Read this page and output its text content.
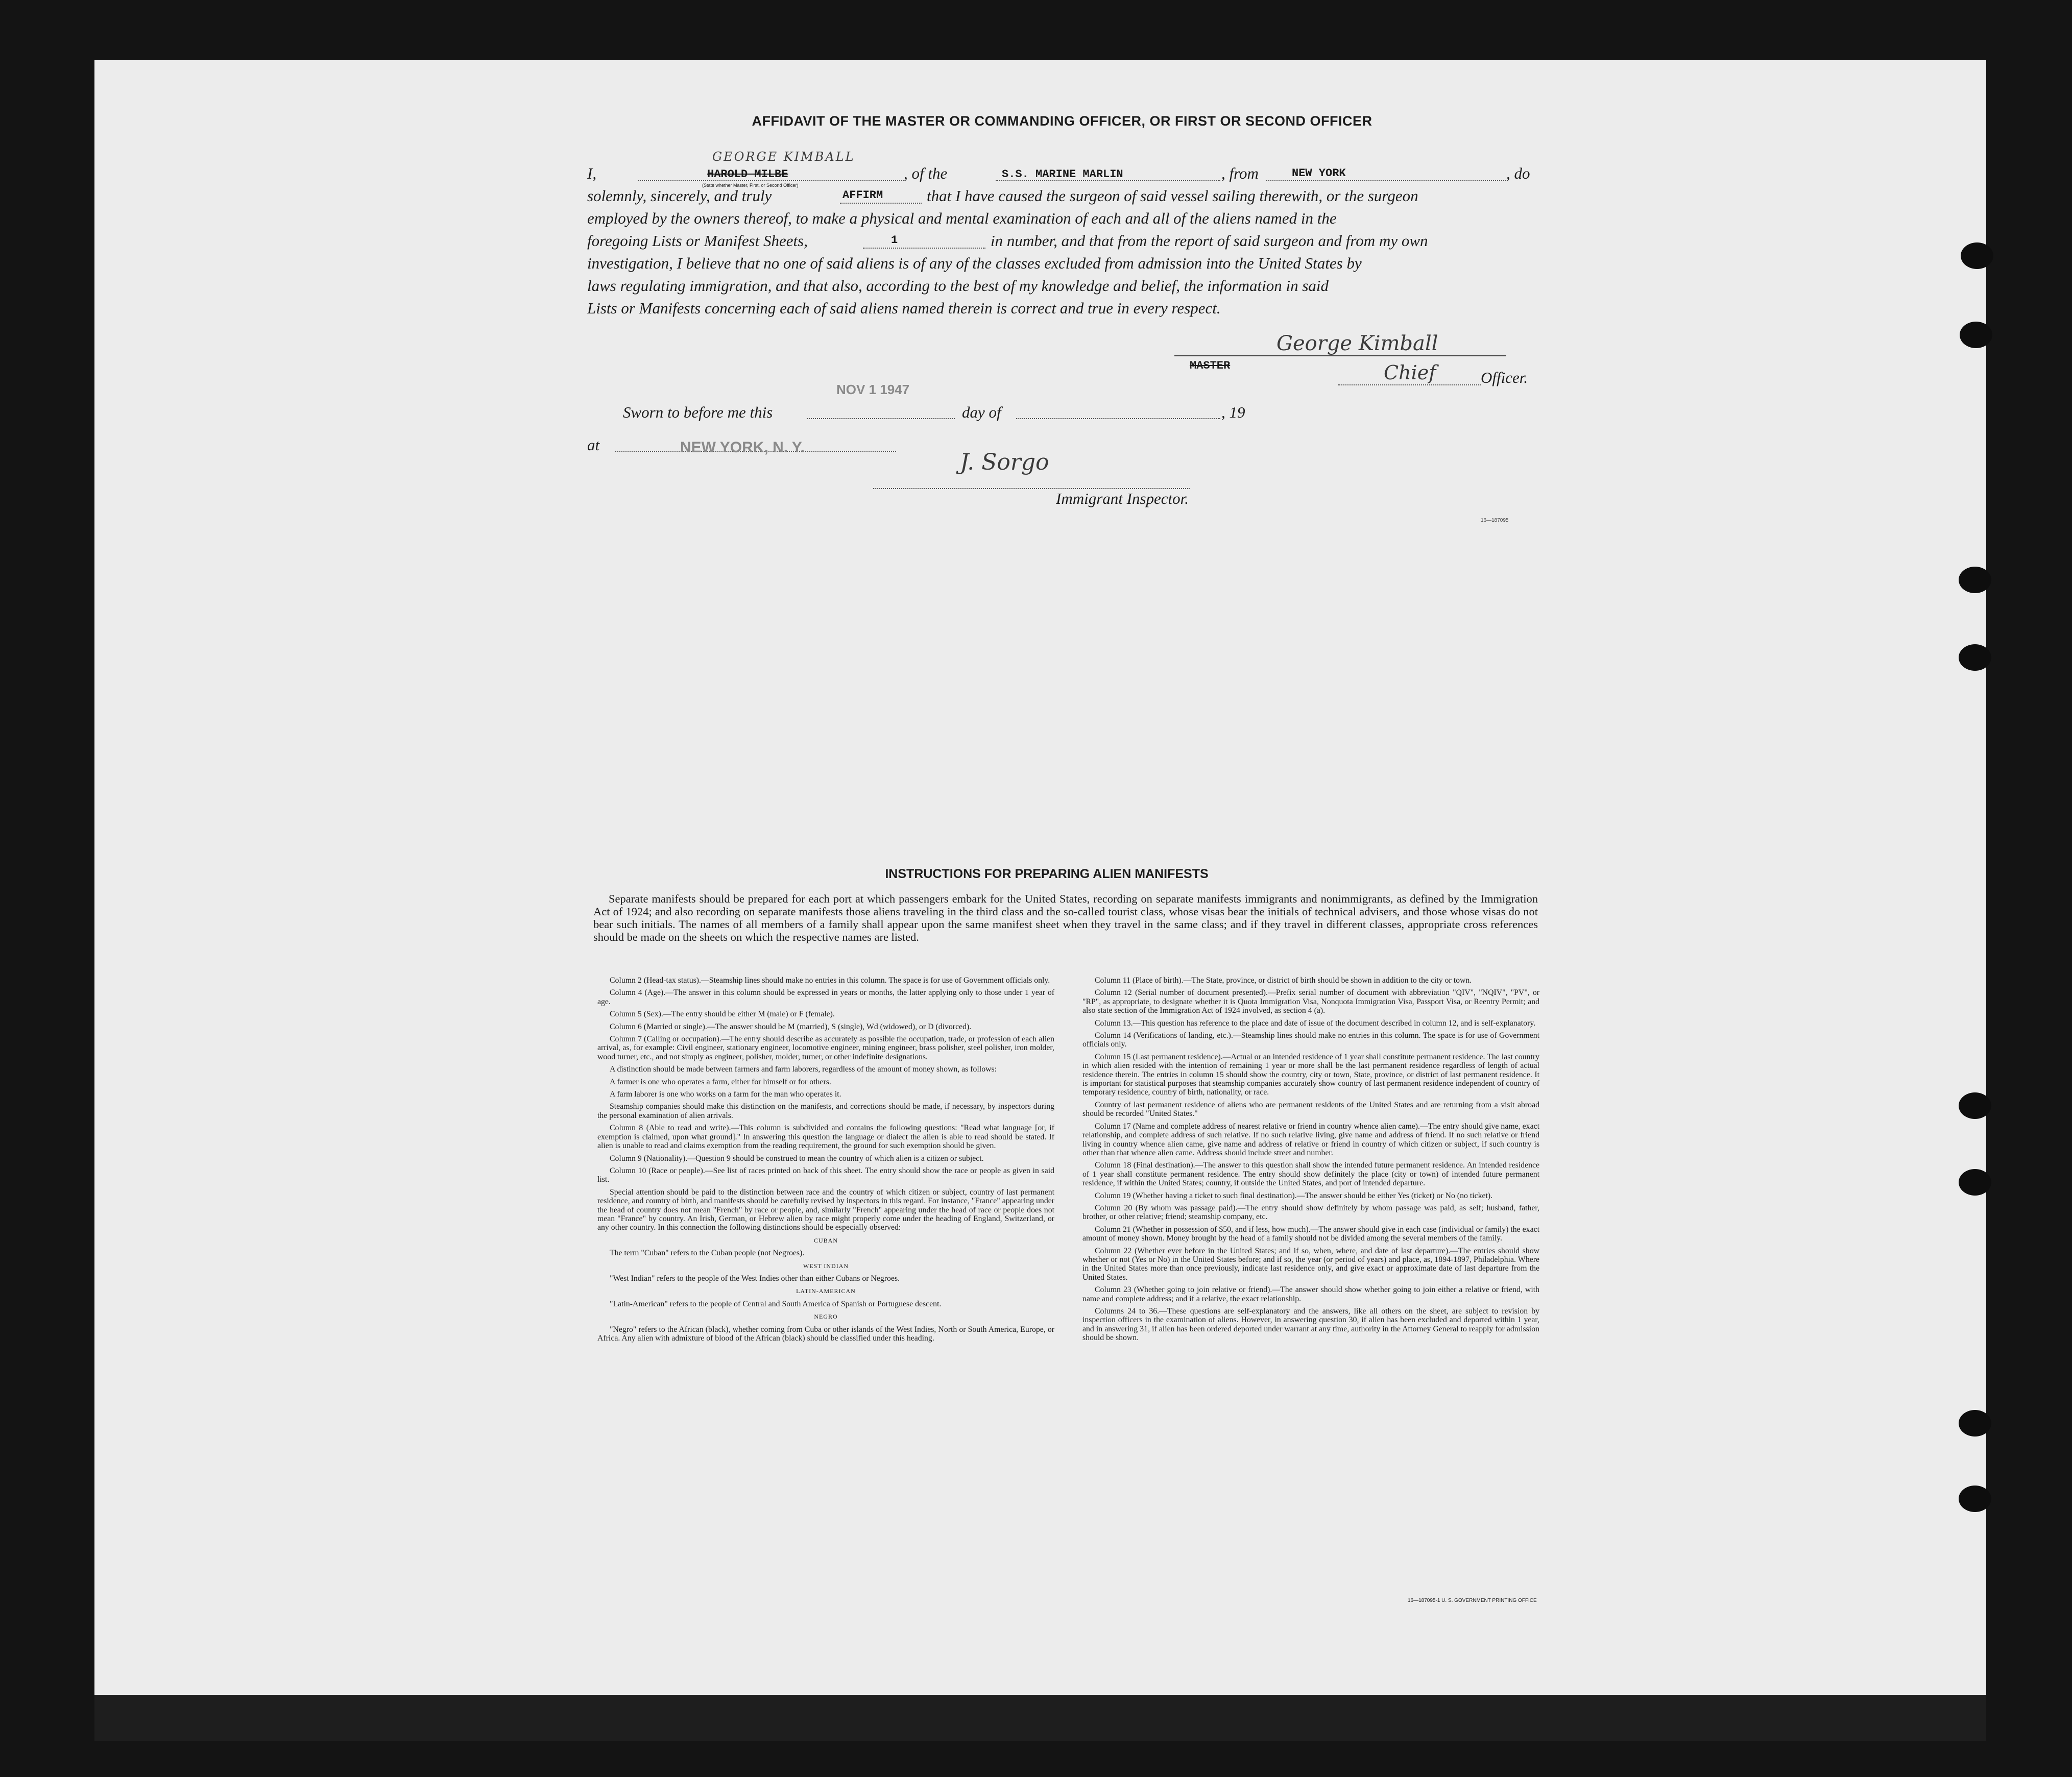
AFFIDAVIT OF THE MASTER OR COMMANDING OFFICER, OR FIRST OR SECOND OFFICER
GEORGE KIMBALL
I,	HAROLD MILBE
(State whether Master, First, or Second Officer)
, of the	S.S. MARINE MARLIN	, from	NEW YORK	, do
solemnly, sincerely, and truly	AFFIRM	that I have caused the surgeon of said vessel sailing therewith, or the surgeon
employed by the owners thereof, to make a physical and mental examination of each and all of the aliens named in the
foregoing Lists or Manifest Sheets,	1	in number, and that from the report of said surgeon and from my own
investigation, I believe that no one of said aliens is of any of the classes excluded from admission into the United States by
laws regulating immigration, and that also, according to the best of my knowledge and belief, the information in said
Lists or Manifests concerning each of said aliens named therein is correct and true in every respect.
George Kimball
MASTER	Chief	Officer.
Sworn to before me this
NOV 1 1947
day of	, 19
at	NEW YORK, N. Y.
J. Sorgo
Immigrant Inspector.
16—187095
INSTRUCTIONS FOR PREPARING ALIEN MANIFESTS
Separate manifests should be prepared for each port at which passengers embark for the United States, recording on separate manifests immigrants and nonimmigrants, as defined by the Immigration Act of 1924; and also recording on separate manifests those aliens traveling in the third class and the so-called tourist class, whose visas bear the initials of technical advisers, and those whose visas do not bear such initials. The names of all members of a family shall appear upon the same manifest sheet when they travel in the same class; and if they travel in different classes, appropriate cross references should be made on the sheets on which the respective names are listed.

Column 2 (Head-tax status).—Steamship lines should make no entries in this column. The space is for use of Government officials only.

Column 4 (Age).—The answer in this column should be expressed in years or months, the latter applying only to those under 1 year of age.

Column 5 (Sex).—The entry should be either M (male) or F (female).

Column 6 (Married or single).—The answer should be M (married), S (single), Wd (widowed), or D (divorced).

Column 7 (Calling or occupation).—The entry should describe as accurately as possible the occupation, trade, or profession of each alien arrival, as, for example: Civil engineer, stationary engineer, locomotive engineer, mining engineer, brass polisher, steel polisher, iron molder, wood turner, etc., and not simply as engineer, polisher, molder, turner, or other indefinite designations.

A distinction should be made between farmers and farm laborers, regardless of the amount of money shown, as follows:

A farmer is one who operates a farm, either for himself or for others.

A farm laborer is one who works on a farm for the man who operates it.

Steamship companies should make this distinction on the manifests, and corrections should be made, if necessary, by inspectors during the personal examination of alien arrivals.

Column 8 (Able to read and write).—This column is subdivided and contains the following questions: "Read what language [or, if exemption is claimed, upon what ground]." In answering this question the language or dialect the alien is able to read should be stated. If alien is unable to read and claims exemption from the reading requirement, the ground for such exemption should be given.

Column 9 (Nationality).—Question 9 should be construed to mean the country of which alien is a citizen or subject.

Column 10 (Race or people).—See list of races printed on back of this sheet. The entry should show the race or people as given in said list.

Special attention should be paid to the distinction between race and the country of which citizen or subject, country of last permanent residence, and country of birth, and manifests should be carefully revised by inspectors in this regard. For instance, "France" appearing under the head of country does not mean "French" by race or people, and, similarly "French" appearing under the head of race or people does not mean "France" by country. An Irish, German, or Hebrew alien by race might properly come under the heading of England, Switzerland, or any other country. In this connection the following distinctions should be especially observed:

CUBAN

The term "Cuban" refers to the Cuban people (not Negroes).

WEST INDIAN

"West Indian" refers to the people of the West Indies other than either Cubans or Negroes.

LATIN-AMERICAN

"Latin-American" refers to the people of Central and South America of Spanish or Portuguese descent.

NEGRO

"Negro" refers to the African (black), whether coming from Cuba or other islands of the West Indies, North or South America, Europe, or Africa. Any alien with admixture of blood of the African (black) should be classified under this heading.

Column 11 (Place of birth).—The State, province, or district of birth should be shown in addition to the city or town.

Column 12 (Serial number of document presented).—Prefix serial number of document with abbreviation "QIV", "NQIV", "PV", or "RP", as appropriate, to designate whether it is Quota Immigration Visa, Nonquota Immigration Visa, Passport Visa, or Reentry Permit; and also state section of the Immigration Act of 1924 involved, as section 4 (a).

Column 13.—This question has reference to the place and date of issue of the document described in column 12, and is self-explanatory.

Column 14 (Verifications of landing, etc.).—Steamship lines should make no entries in this column. The space is for use of Government officials only.

Column 15 (Last permanent residence).—Actual or an intended residence of 1 year shall constitute permanent residence. The last country in which alien resided with the intention of remaining 1 year or more shall be the last permanent residence regardless of length of actual residence therein. The entries in column 15 should show the country, city or town, State, province, or district of last permanent residence. It is important for statistical purposes that steamship companies accurately show country of last permanent residence independent of country of temporary residence, country of birth, nationality, or race.

Country of last permanent residence of aliens who are permanent residents of the United States and are returning from a visit abroad should be recorded "United States."

Column 17 (Name and complete address of nearest relative or friend in country whence alien came).—The entry should give name, exact relationship, and complete address of such relative. If no such relative living, give name and address of friend. If no such relative or friend living in country whence alien came, give name and address of relative or friend in country of which citizen or subject, if such country is other than that whence alien came. Address should include street and number.

Column 18 (Final destination).—The answer to this question shall show the intended future permanent residence. An intended residence of 1 year shall constitute permanent residence. The entry should show definitely the place (city or town) of intended future permanent residence, if within the United States; country, if outside the United States, and port of intended departure.

Column 19 (Whether having a ticket to such final destination).—The answer should be either Yes (ticket) or No (no ticket).

Column 20 (By whom was passage paid).—The entry should show definitely by whom passage was paid, as self; husband, father, brother, or other relative; friend; steamship company, etc.

Column 21 (Whether in possession of $50, and if less, how much).—The answer should give in each case (individual or family) the exact amount of money shown. Money brought by the head of a family should not be divided among the several members of the family.

Column 22 (Whether ever before in the United States; and if so, when, where, and date of last departure).—The entries should show whether or not (Yes or No) in the United States before; and if so, the year (or period of years) and place, as, 1894-1897, Philadelphia. Where in the United States more than once previously, indicate last residence only, and give exact or approximate date of last departure from the United States.

Column 23 (Whether going to join relative or friend).—The answer should show whether going to join either a relative or friend, with name and complete address; and if a relative, the exact relationship.

Columns 24 to 36.—These questions are self-explanatory and the answers, like all others on the sheet, are subject to revision by inspection officers in the examination of aliens. However, in answering question 30, if alien has been excluded and deported within 1 year, and in answering 31, if alien has been ordered deported under warrant at any time, authority in the Attorney General to reapply for admission should be shown.

16—187095-1 U. S. GOVERNMENT PRINTING OFFICE
